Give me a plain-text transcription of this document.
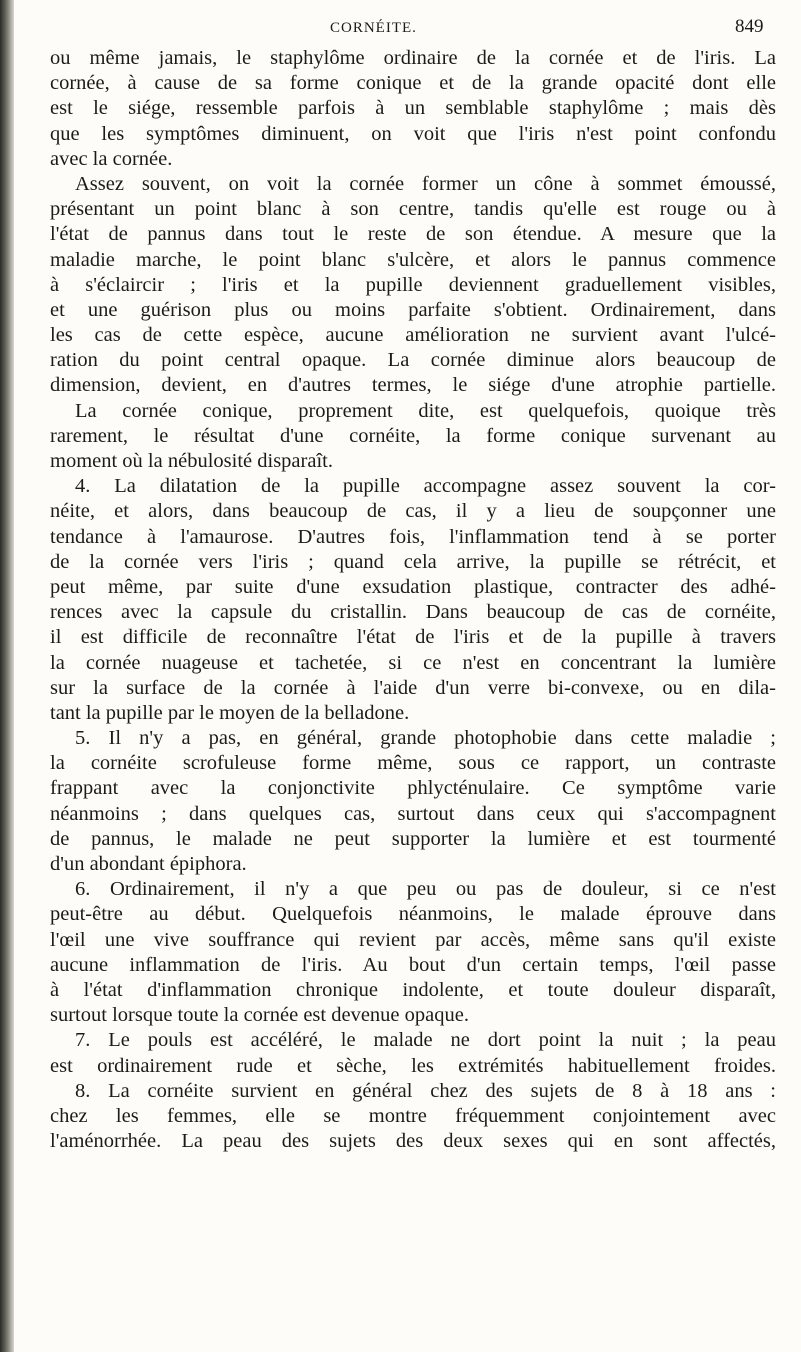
CORNÉITE.	849
ou même jamais, le staphylôme ordinaire de la cornée et de l'iris. La
cornée, à cause de sa forme conique et de la grande opacité dont elle
est le siége, ressemble parfois à un semblable staphylôme ; mais dès
que les symptômes diminuent, on voit que l'iris n'est point confondu
avec la cornée.
Assez souvent, on voit la cornée former un cône à sommet émoussé,
présentant un point blanc à son centre, tandis qu'elle est rouge ou à
l'état de pannus dans tout le reste de son étendue. A mesure que la
maladie marche, le point blanc s'ulcère, et alors le pannus commence
à s'éclaircir ; l'iris et la pupille deviennent graduellement visibles,
et une guérison plus ou moins parfaite s'obtient. Ordinairement, dans
les cas de cette espèce, aucune amélioration ne survient avant l'ulcé-
ration du point central opaque. La cornée diminue alors beaucoup de
dimension, devient, en d'autres termes, le siége d'une atrophie partielle.
La cornée conique, proprement dite, est quelquefois, quoique très
rarement, le résultat d'une cornéite, la forme conique survenant au
moment où la nébulosité disparaît.
4. La dilatation de la pupille accompagne assez souvent la cor-
néite, et alors, dans beaucoup de cas, il y a lieu de soupçonner une
tendance à l'amaurose. D'autres fois, l'inflammation tend à se porter
de la cornée vers l'iris ; quand cela arrive, la pupille se rétrécit, et
peut même, par suite d'une exsudation plastique, contracter des adhé-
rences avec la capsule du cristallin. Dans beaucoup de cas de cornéite,
il est difficile de reconnaître l'état de l'iris et de la pupille à travers
la cornée nuageuse et tachetée, si ce n'est en concentrant la lumière
sur la surface de la cornée à l'aide d'un verre bi-convexe, ou en dila-
tant la pupille par le moyen de la belladone.
5. Il n'y a pas, en général, grande photophobie dans cette maladie ;
la cornéite scrofuleuse forme même, sous ce rapport, un contraste
frappant avec la conjonctivite phlycténulaire. Ce symptôme varie
néanmoins ; dans quelques cas, surtout dans ceux qui s'accompagnent
de pannus, le malade ne peut supporter la lumière et est tourmenté
d'un abondant épiphora.
6. Ordinairement, il n'y a que peu ou pas de douleur, si ce n'est
peut-être au début. Quelquefois néanmoins, le malade éprouve dans
l'œil une vive souffrance qui revient par accès, même sans qu'il existe
aucune inflammation de l'iris. Au bout d'un certain temps, l'œil passe
à l'état d'inflammation chronique indolente, et toute douleur disparaît,
surtout lorsque toute la cornée est devenue opaque.
7. Le pouls est accéléré, le malade ne dort point la nuit ; la peau
est ordinairement rude et sèche, les extrémités habituellement froides.
8. La cornéite survient en général chez des sujets de 8 à 18 ans :
chez les femmes, elle se montre fréquemment conjointement avec
l'aménorrhée. La peau des sujets des deux sexes qui en sont affectés,
